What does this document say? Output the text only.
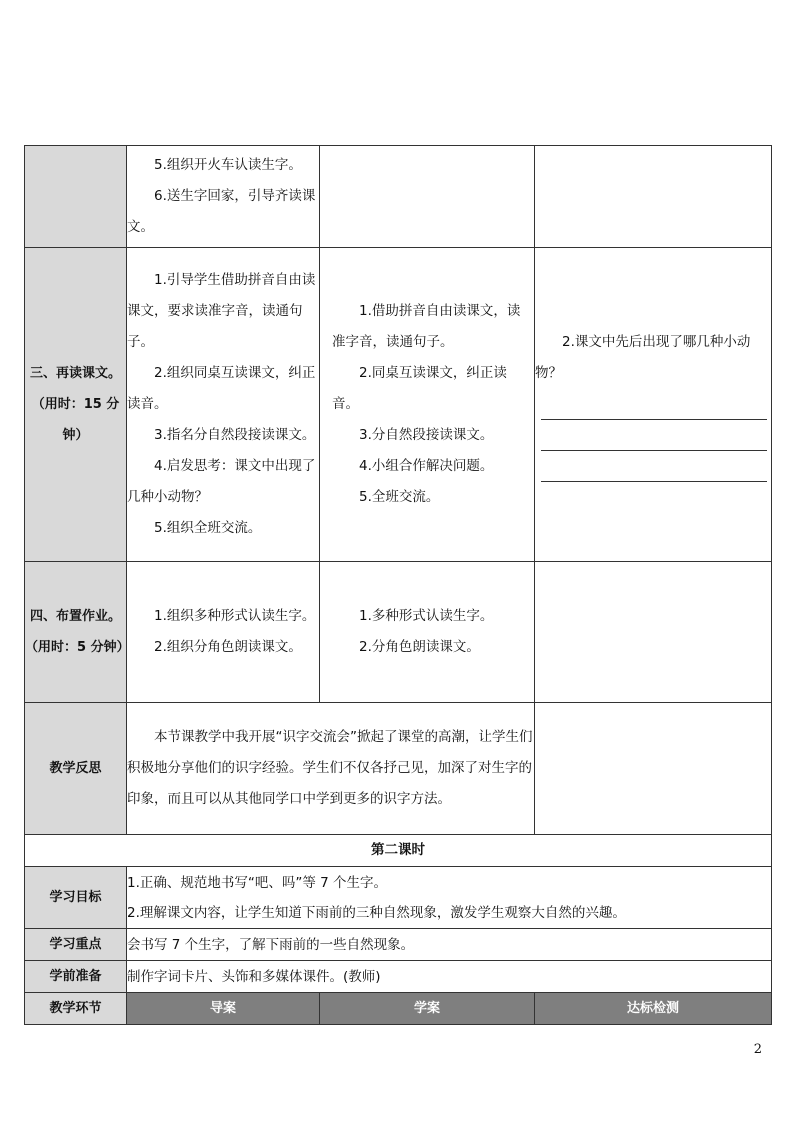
	5.组织开火车认读生字。
6.送生字回家，引导齐读课文。		

三、再读课文。
（用时：15 分钟）	1.引导学生借助拼音自由读课文，要求读准字音，读通句子。
2.组织同桌互读课文，纠正读音。
3.指名分自然段接读课文。
4.启发思考：课文中出现了几种小动物？
5.组织全班交流。	1.借助拼音自由读课文，读准字音，读通句子。
2.同桌互读课文，纠正读音。
3.分自然段接读课文。
4.小组合作解决问题。
5.全班交流。	2.课文中先后出现了哪几种小动物？

四、布置作业。
（用时：5 分钟）	1.组织多种形式认读生字。
2.组织分角色朗读课文。	1.多种形式认读生字。
2.分角色朗读课文。	

教学反思	本节课教学中我开展“识字交流会”掀起了课堂的高潮，让学生们积极地分享他们的识字经验。学生们不仅各抒己见，加深了对生字的印象，而且可以从其他同学口中学到更多的识字方法。		

第二课时			
学习目标	1.正确、规范地书写“吧、吗”等 7 个生字。
2.理解课文内容，让学生知道下雨前的三种自然现象，激发学生观察大自然的兴趣。		

学习重点	会书写 7 个生字，了解下雨前的一些自然现象。		
学前准备	制作字词卡片、头饰和多媒体课件。(教师)		
教学环节	导案	学案	达标检测
2
